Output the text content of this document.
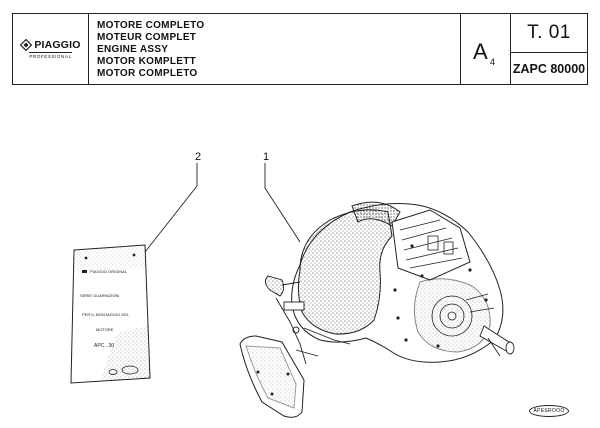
PIAGGIO
PROFESSIONAL
MOTORE COMPLETO
MOTEUR COMPLET
ENGINE ASSY
MOTOR KOMPLETT
MOTOR COMPLETO
A 4
T. 01
ZAPC 80000
PIAGGIO ORIGINAL
SERIE GUARNIZIONI
PER IL MONTAGGIO DEL
MOTORE
APC...30
2	1
APESROOO
